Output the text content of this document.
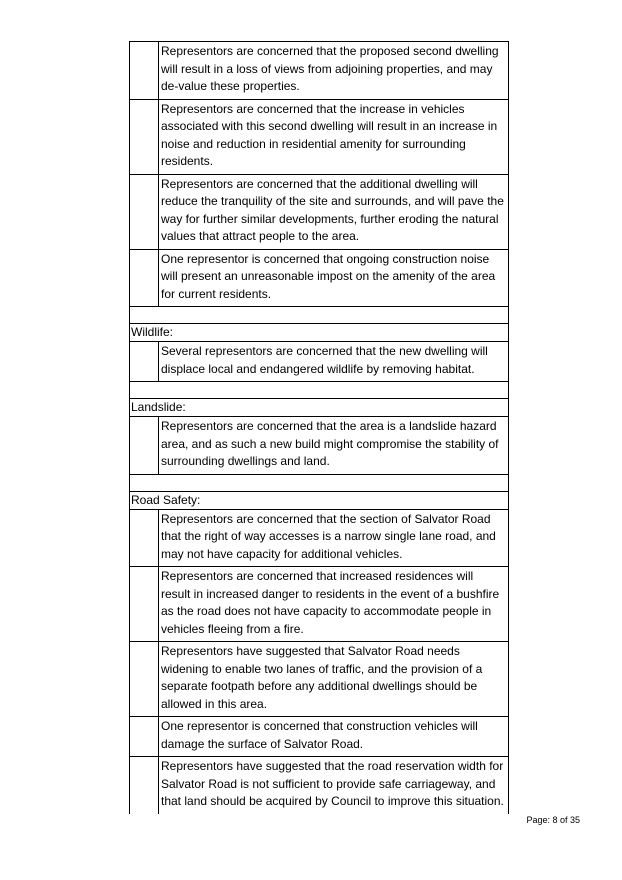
Representors are concerned that the proposed second dwelling will result in a loss of views from adjoining properties, and may de-value these properties.
Representors are concerned that the increase in vehicles associated with this second dwelling will result in an increase in noise and reduction in residential amenity for surrounding residents.
Representors are concerned that the additional dwelling will reduce the tranquility of the site and surrounds, and will pave the way for further similar developments, further eroding the natural values that attract people to the area.
One representor is concerned that ongoing construction noise will present an unreasonable impost on the amenity of the area for current residents.
Wildlife:
Several representors are concerned that the new dwelling will displace local and endangered wildlife by removing habitat.
Landslide:
Representors are concerned that the area is a landslide hazard area, and as such a new build might compromise the stability of surrounding dwellings and land.
Road Safety:
Representors are concerned that the section of Salvator Road that the right of way accesses is a narrow single lane road, and may not have capacity for additional vehicles.
Representors are concerned that increased residences will result in increased danger to residents in the event of a bushfire as the road does not have capacity to accommodate people in vehicles fleeing from a fire.
Representors have suggested that Salvator Road needs widening to enable two lanes of traffic, and the provision of a separate footpath before any additional dwellings should be allowed in this area.
One representor is concerned that construction vehicles will damage the surface of Salvator Road.
Representors have suggested that the road reservation width for Salvator Road is not sufficient to provide safe carriageway, and that land should be acquired by Council to improve this situation.
Page: 8 of 35
